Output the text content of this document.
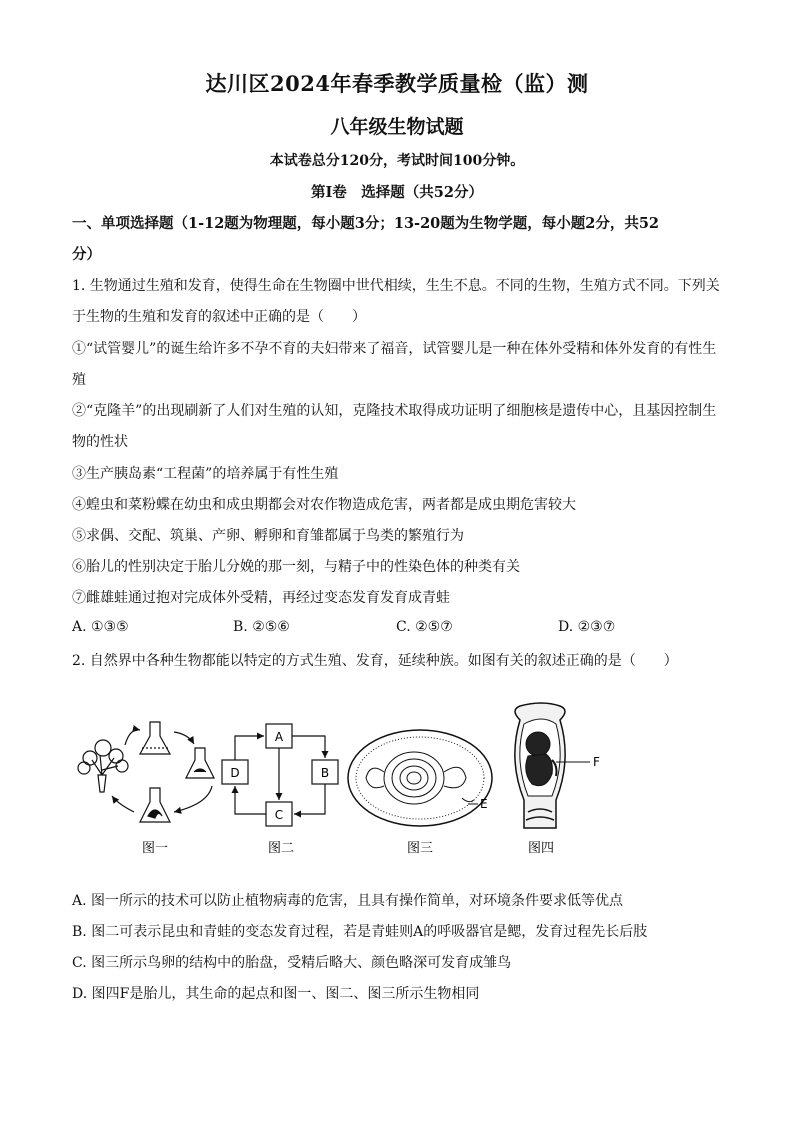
达川区2024年春季教学质量检（监）测
八年级生物试题
本试卷总分120分，考试时间100分钟。
第Ⅰ卷　选择题（共52分）
一、单项选择题（1-12题为物理题，每小题3分；13-20题为生物学题，每小题2分，共52
分）
1. 生物通过生殖和发育，使得生命在生物圈中世代相续，生生不息。不同的生物，生殖方式不同。下列关
于生物的生殖和发育的叙述中正确的是（　　）
①“试管婴儿”的诞生给许多不孕不育的夫妇带来了福音，试管婴儿是一种在体外受精和体外发育的有性生
殖
②“克隆羊”的出现刷新了人们对生殖的认知，克隆技术取得成功证明了细胞核是遗传中心，且基因控制生
物的性状
③生产胰岛素“工程菌”的培养属于有性生殖
④蝗虫和菜粉蝶在幼虫和成虫期都会对农作物造成危害，两者都是成虫期危害较大
⑤求偶、交配、筑巢、产卵、孵卵和育雏都属于鸟类的繁殖行为
⑥胎儿的性别决定于胎儿分娩的那一刻，与精子中的性染色体的种类有关
⑦雌雄蛙通过抱对完成体外受精，再经过变态发育发育成青蛙
A. ①③⑤	B. ②⑤⑥	C. ②⑤⑦	D. ②③⑦
2. 自然界中各种生物都能以特定的方式生殖、发育，延续种族。如图有关的叙述正确的是（　　）
图一
A
B
C
D
图二
E
图三
F
图四
A. 图一所示的技术可以防止植物病毒的危害，且具有操作简单，对环境条件要求低等优点
B. 图二可表示昆虫和青蛙的变态发育过程，若是青蛙则A的呼吸器官是鳃，发育过程先长后肢
C. 图三所示鸟卵的结构中的胎盘，受精后略大、颜色略深可发育成雏鸟
D. 图四F是胎儿，其生命的起点和图一、图二、图三所示生物相同
